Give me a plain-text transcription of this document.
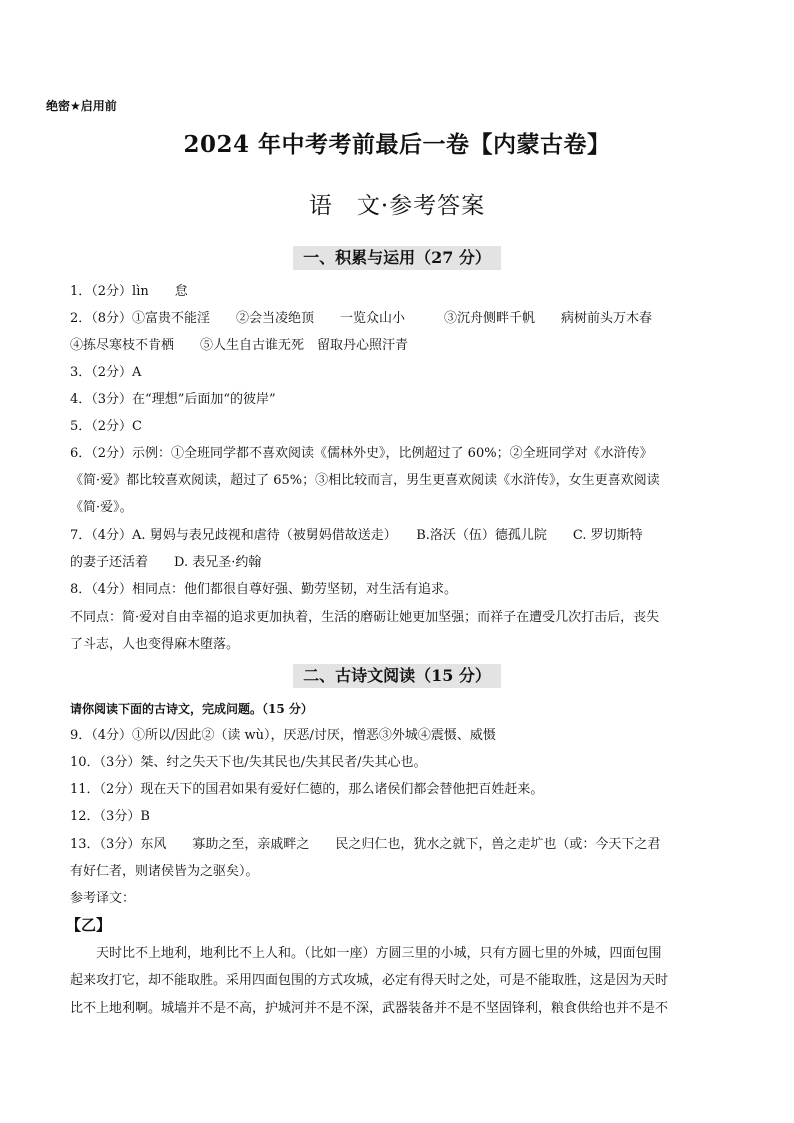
绝密★启用前
2024 年中考考前最后一卷【内蒙古卷】
语　文·参考答案
一、积累与运用（27 分）
1．（2分）lìn　　怠
2．（8分）①富贵不能淫　　②会当凌绝顶　　一览众山小　　　③沉舟侧畔千帆　　病树前头万木春
④拣尽寒枝不肯栖　　⑤人生自古谁无死　留取丹心照汗青
3．（2分）A
4．（3分）在“理想”后面加“的彼岸”
5．（2分）C
6．（2分）示例：①全班同学都不喜欢阅读《儒林外史》，比例超过了 60%；②全班同学对《水浒传》
《简·爱》都比较喜欢阅读，超过了 65%；③相比较而言，男生更喜欢阅读《水浒传》，女生更喜欢阅读
《简·爱》。
7．（4分）A. 舅妈与表兄歧视和虐待（被舅妈借故送走）　　B.洛沃（伍）德孤儿院　　C. 罗切斯特
的妻子还活着　　D. 表兄圣·约翰
8．（4分）相同点：他们都很自尊好强、勤劳坚韧，对生活有追求。
不同点：简·爱对自由幸福的追求更加执着，生活的磨砺让她更加坚强；而祥子在遭受几次打击后，丧失
了斗志，人也变得麻木堕落。
二、古诗文阅读（15 分）
请你阅读下面的古诗文，完成问题。（15 分）
9．（4分）①所以/因此②（读 wù），厌恶/讨厌，憎恶③外城④震慑、威慑
10．（3分）桀、纣之失天下也/失其民也/失其民者/失其心也。
11．（2分）现在天下的国君如果有爱好仁德的，那么诸侯们都会替他把百姓赶来。
12．（3分）B
13．（3分）东风　　寡助之至，亲戚畔之　　民之归仁也，犹水之就下，兽之走圹也（或：今天下之君
有好仁者，则诸侯皆为之驱矣）。
参考译文：
【乙】
　　天时比不上地利，地利比不上人和。（比如一座）方圆三里的小城，只有方圆七里的外城，四面包围
起来攻打它，却不能取胜。采用四面包围的方式攻城，必定有得天时之处，可是不能取胜，这是因为天时
比不上地利啊。城墙并不是不高，护城河并不是不深，武器装备并不是不坚固锋利，粮食供给也并不是不
